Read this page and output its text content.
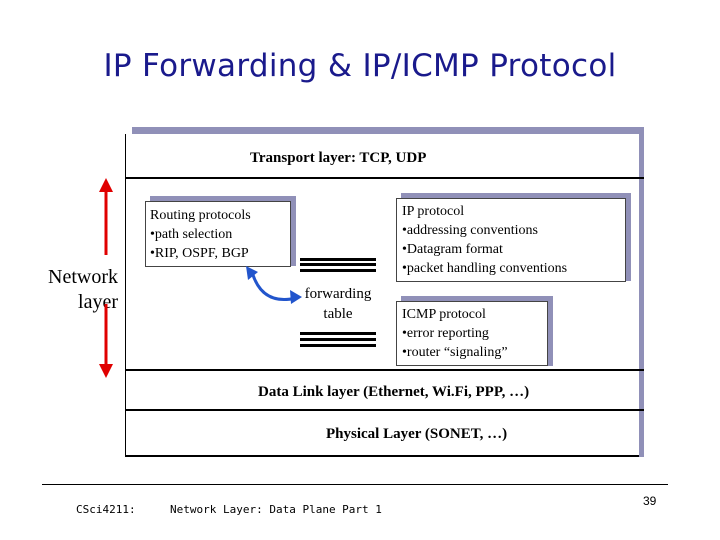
IP Forwarding & IP/ICMP Protocol
Transport layer: TCP, UDP
Network
layer
Routing protocols
•path selection
•RIP, OSPF, BGP
IP protocol
•addressing conventions
•Datagram format
•packet handling conventions
ICMP protocol
•error reporting
•router “signaling”
forwarding
table
Data Link layer (Ethernet, Wi.Fi, PPP, …)
Physical Layer (SONET, …)
CSci4211:	Network Layer: Data Plane Part 1
39
